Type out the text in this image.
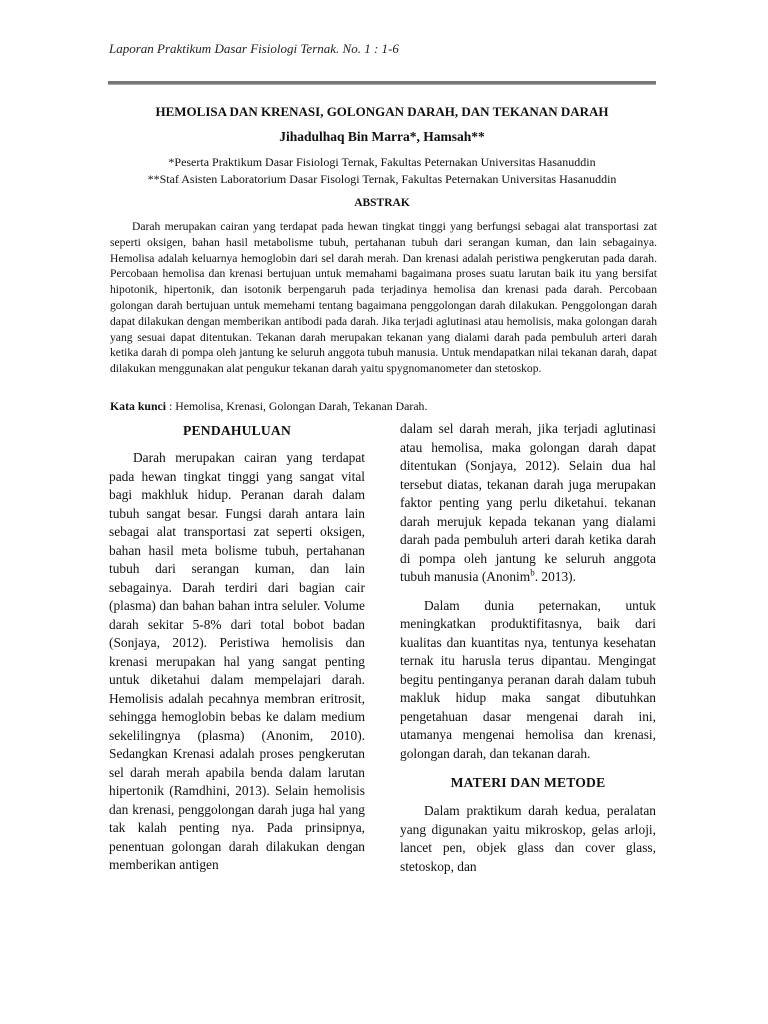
Laporan Praktikum Dasar Fisiologi Ternak. No. 1 : 1-6
HEMOLISA DAN KRENASI, GOLONGAN DARAH, DAN TEKANAN DARAH
Jihadulhaq Bin Marra*, Hamsah**
*Peserta Praktikum Dasar Fisiologi Ternak, Fakultas Peternakan Universitas Hasanuddin
**Staf Asisten Laboratorium Dasar Fisologi Ternak, Fakultas Peternakan Universitas Hasanuddin
ABSTRAK

Darah merupakan cairan yang terdapat pada hewan tingkat tinggi yang berfungsi sebagai alat transportasi zat seperti oksigen, bahan hasil metabolisme tubuh, pertahanan tubuh dari serangan kuman, dan lain sebagainya. Hemolisa adalah keluarnya hemoglobin dari sel darah merah. Dan krenasi adalah peristiwa pengkerutan pada darah. Percobaan hemolisa dan krenasi bertujuan untuk memahami bagaimana proses suatu larutan baik itu yang bersifat hipotonik, hipertonik, dan isotonik berpengaruh pada terjadinya hemolisa dan krenasi pada darah. Percobaan golongan darah bertujuan untuk memehami tentang bagaimana penggolongan darah dilakukan. Penggolongan darah dapat dilakukan dengan memberikan antibodi pada darah. Jika terjadi aglutinasi atau hemolisis, maka golongan darah yang sesuai dapat ditentukan. Tekanan darah merupakan tekanan yang dialami darah pada pembuluh arteri darah ketika darah di pompa oleh jantung ke seluruh anggota tubuh manusia. Untuk mendapatkan nilai tekanan darah, dapat dilakukan menggunakan alat pengukur tekanan darah yaitu spygnomanometer dan stetoskop.

Kata kunci : Hemolisa, Krenasi, Golongan Darah, Tekanan Darah.

PENDAHULUAN

Darah merupakan cairan yang terdapat pada hewan tingkat tinggi yang sangat vital bagi makhluk hidup. Peranan darah dalam tubuh sangat besar. Fungsi darah antara lain sebagai alat transportasi zat seperti oksigen, bahan hasil meta bolisme tubuh, pertahanan tubuh dari serangan kuman, dan lain sebagainya. Darah terdiri dari bagian cair (plasma) dan bahan bahan intra seluler. Volume darah sekitar 5-8% dari total bobot badan (Sonjaya, 2012). Peristiwa hemolisis dan krenasi merupakan hal yang sangat penting untuk diketahui dalam mempelajari darah. Hemolisis adalah pecahnya membran eritrosit, sehingga hemoglobin bebas ke dalam medium sekelilingnya (plasma) (Anonim, 2010). Sedangkan Krenasi adalah proses pengkerutan sel darah merah apabila benda dalam larutan hipertonik (Ramdhini, 2013). Selain hemolisis dan krenasi, penggolongan darah juga hal yang tak kalah penting nya. Pada prinsipnya, penentuan golongan darah dilakukan dengan memberikan antigen

dalam sel darah merah, jika terjadi aglutinasi atau hemolisa, maka golongan darah dapat ditentukan (Sonjaya, 2012). Selain dua hal tersebut diatas, tekanan darah juga merupakan faktor penting yang perlu diketahui. tekanan darah merujuk kepada tekanan yang dialami darah pada pembuluh arteri darah ketika darah di pompa oleh jantung ke seluruh anggota tubuh manusia (Anonim$^b$. 2013).

Dalam dunia peternakan, untuk meningkatkan produktifitasnya, baik dari kualitas dan kuantitas nya, tentunya kesehatan ternak itu harusla terus dipantau. Mengingat begitu pentinganya peranan darah dalam tubuh makluk hidup maka sangat dibutuhkan pengetahuan dasar mengenai darah ini, utamanya mengenai hemolisa dan krenasi, golongan darah, dan tekanan darah.

MATERI DAN METODE

Dalam praktikum darah kedua, peralatan yang digunakan yaitu mikroskop, gelas arloji, lancet pen, objek glass dan cover glass, stetoskop, dan
